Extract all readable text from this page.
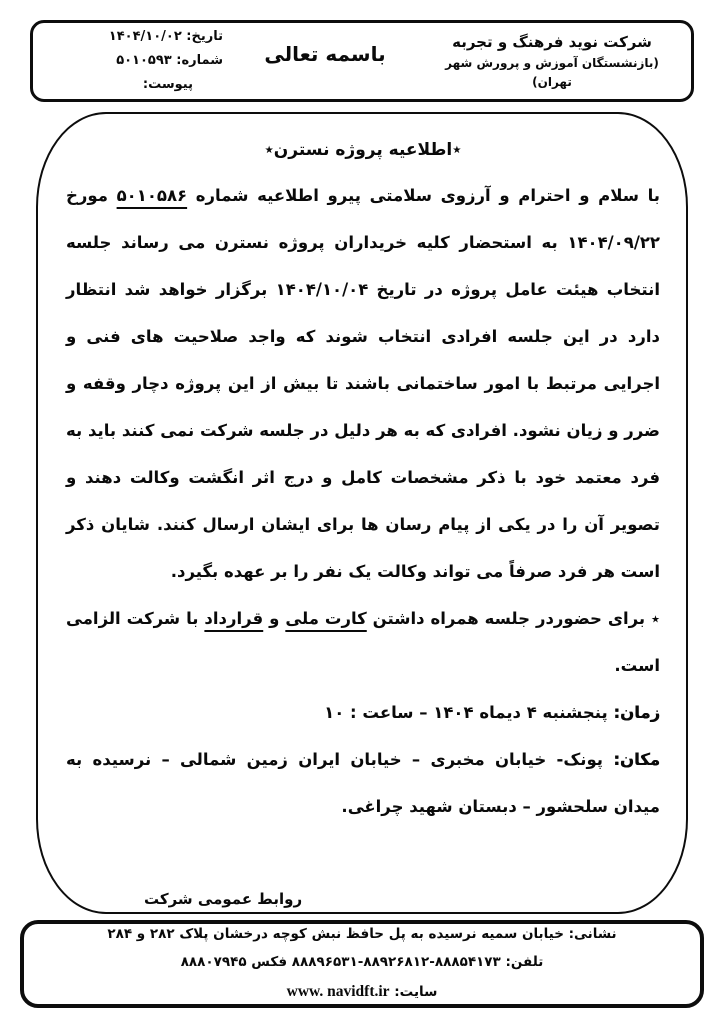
شرکت نوید فرهنگ و تجربه
(بازنشستگان آموزش و پرورش شهر تهران)
باسمه تعالی
تاریخ: ۱۴۰۴/۱۰/۰۲
شماره: ۵۰۱۰۵۹۳
پیوست:
٭اطلاعیه پروژه نسترن٭

با سلام و احترام و آرزوی سلامتی پیرو اطلاعیه شماره ۵۰۱۰۵۸۶ مورخ ۱۴۰۴/۰۹/۲۲ به استحضار کلیه خریداران پروژه نسترن می رساند جلسه انتخاب هیئت عامل پروژه در تاریخ ۱۴۰۴/۱۰/۰۴ برگزار خواهد شد انتظار دارد در این جلسه افرادی انتخاب شوند که واجد صلاحیت های فنی و اجرایی مرتبط با امور ساختمانی باشند تا بیش از این پروژه دچار وقفه و ضرر و زیان نشود. افرادی که به هر دلیل در جلسه شرکت نمی کنند باید به فرد معتمد خود با ذکر مشخصات کامل و درج اثر انگشت وکالت دهند و تصویر آن را در یکی از پیام رسان ها برای ایشان ارسال کنند. شایان ذکر است هر فرد صرفاً می تواند وکالت یک نفر را بر عهده بگیرد.

٭ برای حضوردر جلسه همراه داشتن کارت ملی و قرارداد با شرکت الزامی است.

زمان: پنجشنبه ۴ دیماه ۱۴۰۴ – ساعت : ۱۰

مکان: پونک- خیابان مخبری – خیابان ایران زمین شمالی – نرسیده به میدان سلحشور – دبستان شهید چراغی.

روابط عمومی شرکت
نشانی: خیابان سمیه نرسیده به پل حافظ نبش کوچه درخشان پلاک ۲۸۲ و ۲۸۴
تلفن: ۸۸۸۵۴۱۷۳-‏۸۸۹۲۶۸۱۲-‏۸۸۸۹۶۵۳۱ فکس ۸۸۸۰۷۹۴۵
سایت: www. navidft.ir
